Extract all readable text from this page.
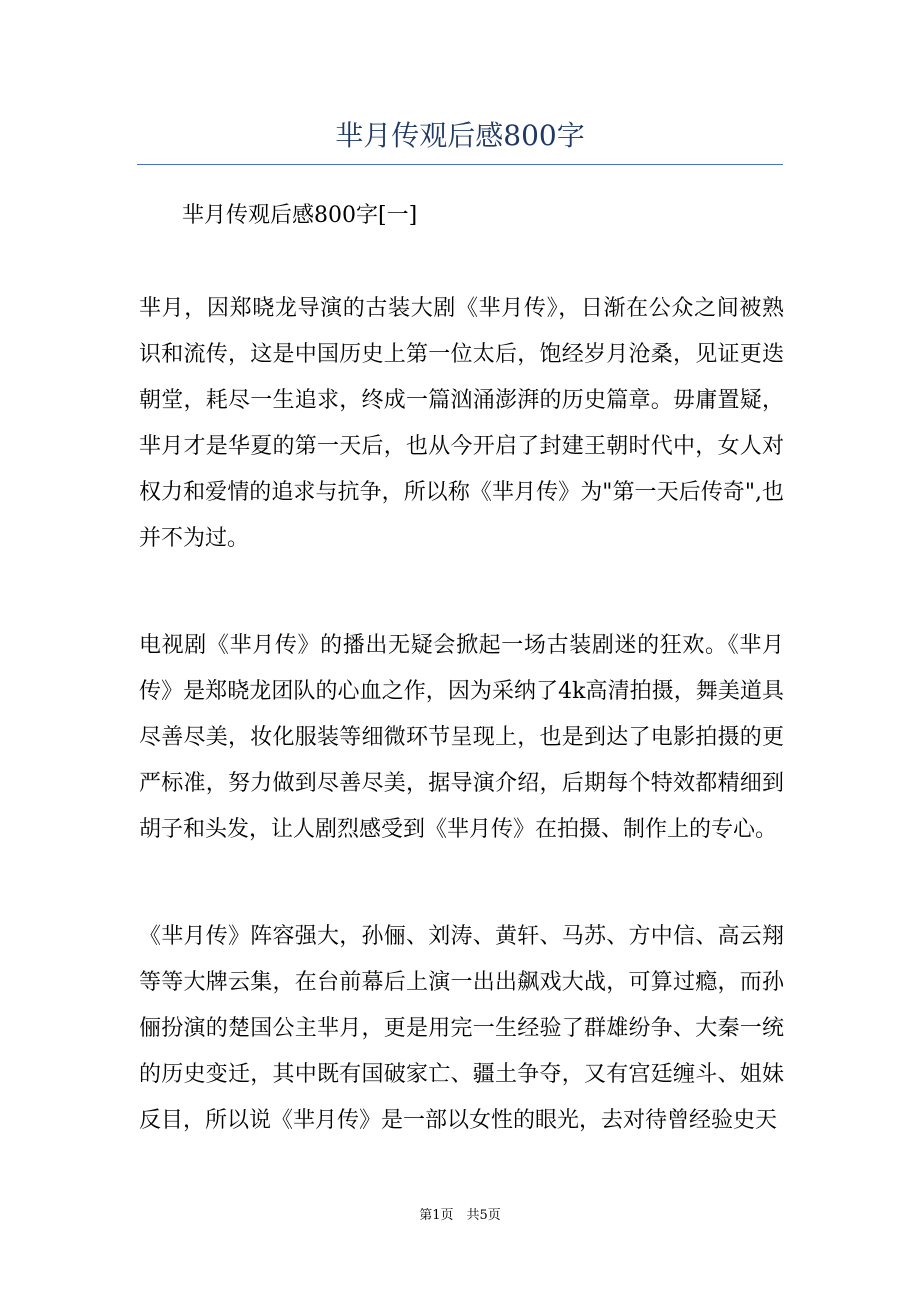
芈月传观后感800字
芈月传观后感800字[一]

芈月，因郑晓龙导演的古装大剧《芈月传》，日渐在公众之间被熟识和流传，这是中国历史上第一位太后，饱经岁月沧桑，见证更迭朝堂，耗尽一生追求，终成一篇汹涌澎湃的历史篇章。毋庸置疑，芈月才是华夏的第一天后，也从今开启了封建王朝时代中，女人对权力和爱情的追求与抗争，所以称《芈月传》为"第一天后传奇",也并不为过。

电视剧《芈月传》的播出无疑会掀起一场古装剧迷的狂欢。《芈月传》是郑晓龙团队的心血之作，因为采纳了4k高清拍摄，舞美道具尽善尽美，妆化服装等细微环节呈现上，也是到达了电影拍摄的更严标准，努力做到尽善尽美，据导演介绍，后期每个特效都精细到胡子和头发，让人剧烈感受到《芈月传》在拍摄、制作上的专心。

《芈月传》阵容强大，孙俪、刘涛、黄轩、马苏、方中信、高云翔等等大牌云集，在台前幕后上演一出出飙戏大战，可算过瘾，而孙俪扮演的楚国公主芈月，更是用完一生经验了群雄纷争、大秦一统的历史变迁，其中既有国破家亡、疆土争夺，又有宫廷缠斗、姐妹反目，所以说《芈月传》是一部以女性的眼光，去对待曾经验史天

第1页　共5页
